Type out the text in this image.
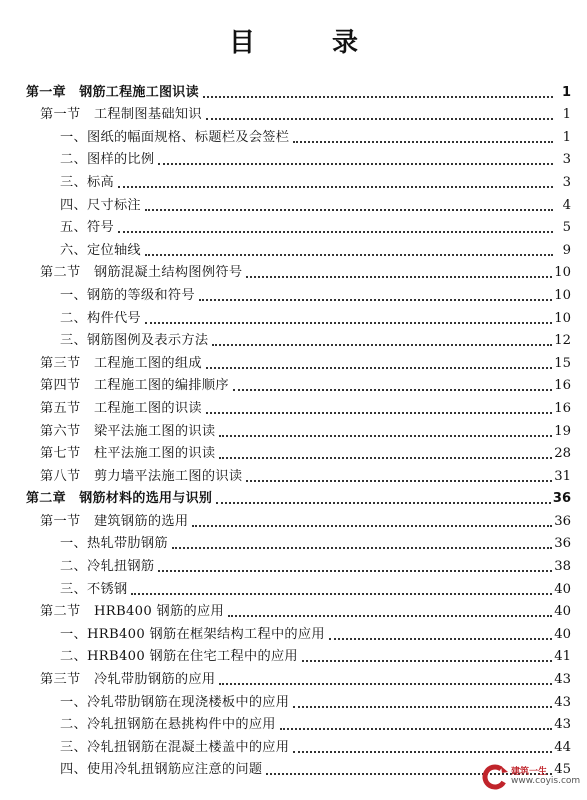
目 录
第一章　钢筋工程施工图识读	1
第一节　工程制图基础知识	1
一、图纸的幅面规格、标题栏及会签栏	1
二、图样的比例	3
三、标高	3
四、尺寸标注	4
五、符号	5
六、定位轴线	9
第二节　钢筋混凝土结构图例符号	10
一、钢筋的等级和符号	10
二、构件代号	10
三、钢筋图例及表示方法	12
第三节　工程施工图的组成	15
第四节　工程施工图的编排顺序	16
第五节　工程施工图的识读	16
第六节　梁平法施工图的识读	19
第七节　柱平法施工图的识读	28
第八节　剪力墙平法施工图的识读	31
第二章　钢筋材料的选用与识别	36
第一节　建筑钢筋的选用	36
一、热轧带肋钢筋	36
二、冷轧扭钢筋	38
三、不锈钢	40
第二节　HRB400 钢筋的应用	40
一、HRB400 钢筋在框架结构工程中的应用	40
二、HRB400 钢筋在住宅工程中的应用	41
第三节　冷轧带肋钢筋的应用	43
一、冷轧带肋钢筋在现浇楼板中的应用	43
二、冷轧扭钢筋在悬挑构件中的应用	43
三、冷轧扭钢筋在混凝土楼盖中的应用	44
四、使用冷轧扭钢筋应注意的问题	45
建筑一生
www.coyis.com
